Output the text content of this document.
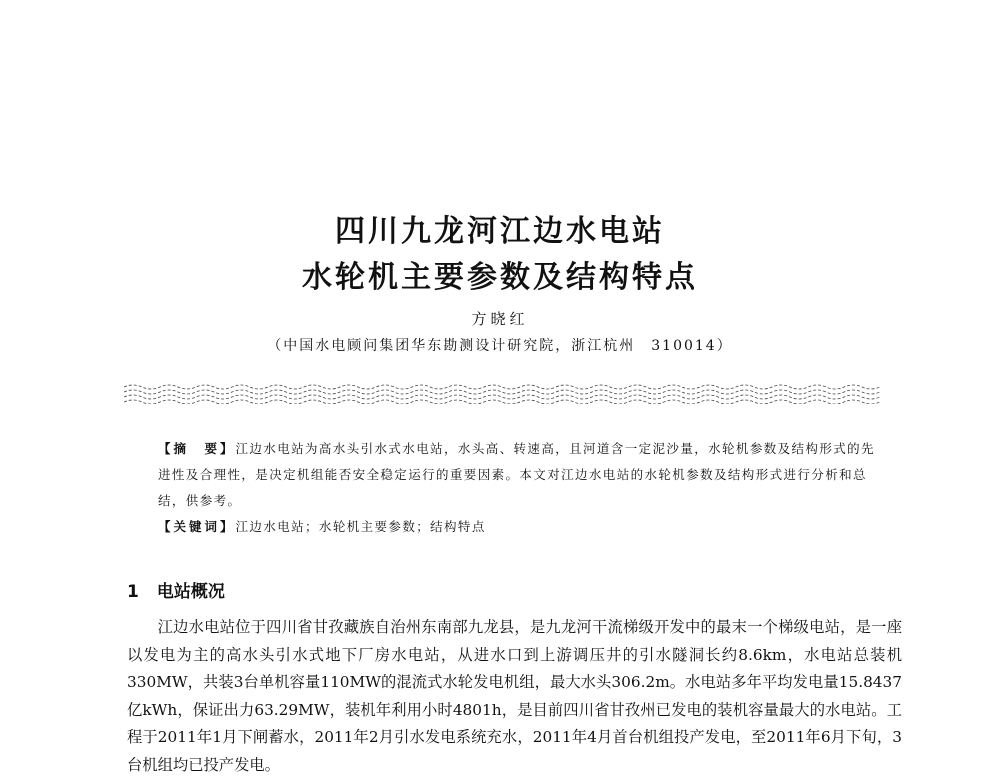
四川九龙河江边水电站
水轮机主要参数及结构特点
方晓红
（中国水电顾问集团华东勘测设计研究院，浙江杭州　310014）
【摘　要】江边水电站为高水头引水式水电站，水头高、转速高，且河道含一定泥沙量，水轮机参数及结构形式的先进性及合理性，是决定机组能否安全稳定运行的重要因素。本文对江边水电站的水轮机参数及结构形式进行分析和总结，供参考。
【关键词】江边水电站；水轮机主要参数；结构特点
1 电站概况
江边水电站位于四川省甘孜藏族自治州东南部九龙县，是九龙河干流梯级开发中的最末一个梯级电站，是一座以发电为主的高水头引水式地下厂房水电站，从进水口到上游调压井的引水隧洞长约8.6km，水电站总装机330MW，共装3台单机容量110MW的混流式水轮发电机组，最大水头306.2m。水电站多年平均发电量15.8437亿kWh，保证出力63.29MW，装机年利用小时4801h，是目前四川省甘孜州已发电的装机容量最大的水电站。工程于2011年1月下闸蓄水，2011年2月引水发电系统充水，2011年4月首台机组投产发电，至2011年6月下旬，3台机组均已投产发电。
